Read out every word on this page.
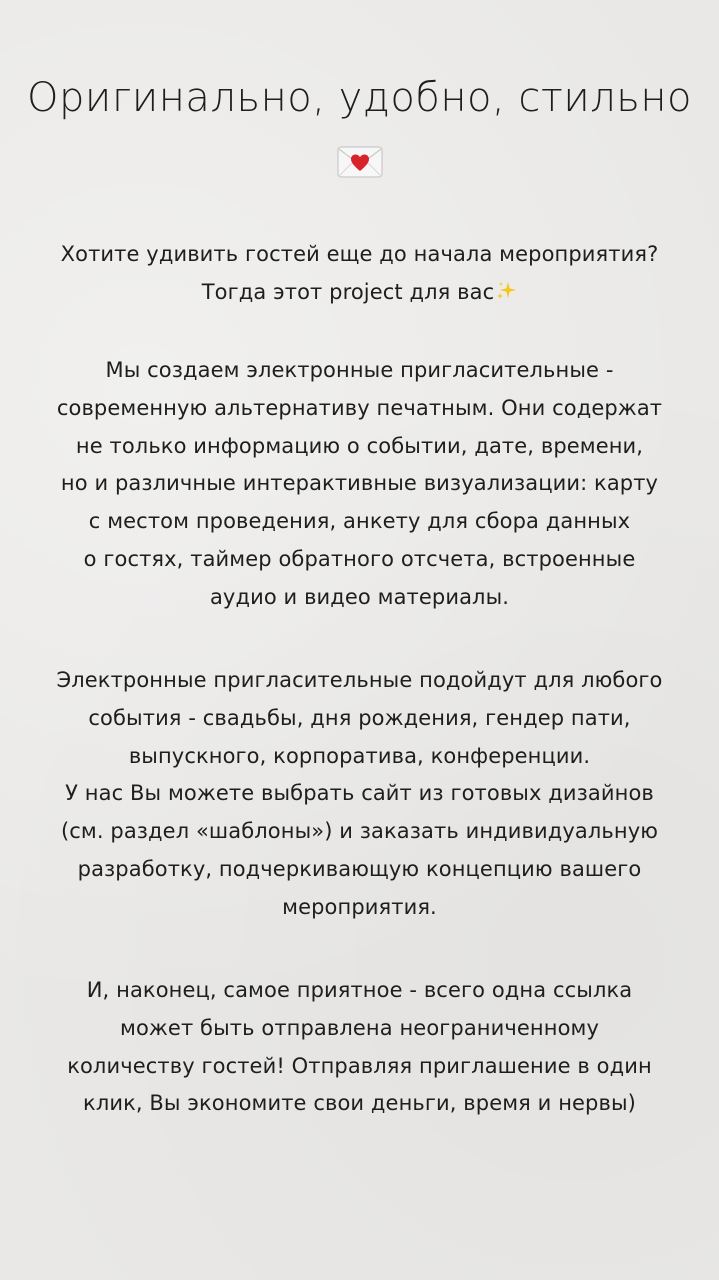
Оригинально, удобно, стильно

Хотите удивить гостей еще до начала мероприятия?
Тогда этот project для вас

Мы создаем электронные пригласительные -
современную альтернативу печатным. Они содержат
не только информацию о событии, дате, времени,
но и различные интерактивные визуализации: карту
с местом проведения, анкету для сбора данных
о гостях, таймер обратного отсчета, встроенные
аудио и видео материалы.

Электронные пригласительные подойдут для любого
события - свадьбы, дня рождения, гендер пати,
выпускного, корпоратива, конференции.
У нас Вы можете выбрать сайт из готовых дизайнов
(см. раздел «шаблоны») и заказать индивидуальную
разработку, подчеркивающую концепцию вашего
мероприятия.

И, наконец, самое приятное - всего одна ссылка
может быть отправлена неограниченному
количеству гостей! Отправляя приглашение в один
клик, Вы экономите свои деньги, время и нервы)
